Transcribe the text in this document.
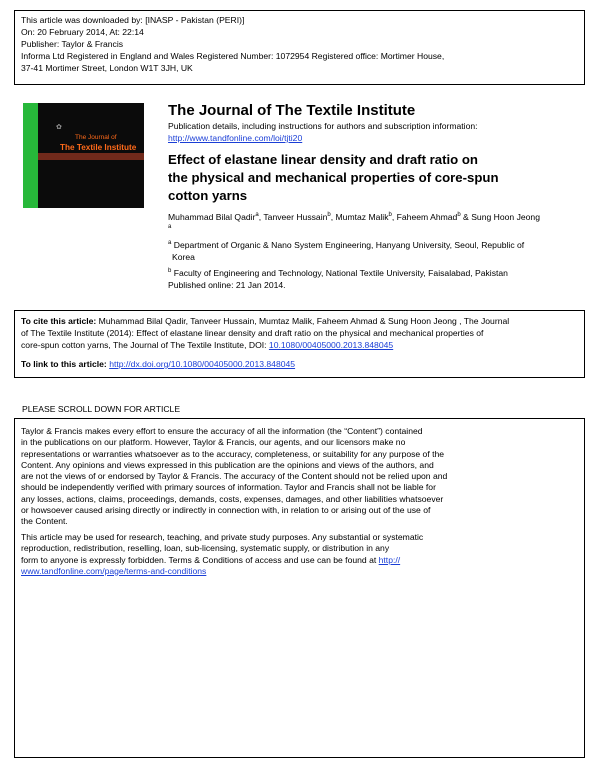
This article was downloaded by: [INASP - Pakistan (PERI)]
On: 20 February 2014, At: 22:14
Publisher: Taylor & Francis
Informa Ltd Registered in England and Wales Registered Number: 1072954 Registered office: Mortimer House,
37-41 Mortimer Street, London W1T 3JH, UK
✿
The Journal of
The Textile Institute
The Journal of The Textile Institute
Publication details, including instructions for authors and subscription information:
http://www.tandfonline.com/loi/tjti20
Effect of elastane linear density and draft ratio on
the physical and mechanical properties of core-spun
cotton yarns
Muhammad Bilal Qadir$^a$, Tanveer Hussain$^b$, Mumtaz Malik$^b$, Faheem Ahmad$^b$ & Sung Hoon Jeong
$^a$
$^a$ Department of Organic & Nano System Engineering, Hanyang University, Seoul, Republic of
Korea
$^b$ Faculty of Engineering and Technology, National Textile University, Faisalabad, Pakistan
Published online: 21 Jan 2014.
To cite this article: Muhammad Bilal Qadir, Tanveer Hussain, Mumtaz Malik, Faheem Ahmad & Sung Hoon Jeong , The Journal
of The Textile Institute (2014): Effect of elastane linear density and draft ratio on the physical and mechanical properties of
core-spun cotton yarns, The Journal of The Textile Institute, DOI: 10.1080/00405000.2013.848045
To link to this article: http://dx.doi.org/10.1080/00405000.2013.848045
PLEASE SCROLL DOWN FOR ARTICLE
Taylor & Francis makes every effort to ensure the accuracy of all the information (the “Content”) contained
in the publications on our platform. However, Taylor & Francis, our agents, and our licensors make no
representations or warranties whatsoever as to the accuracy, completeness, or suitability for any purpose of the
Content. Any opinions and views expressed in this publication are the opinions and views of the authors, and
are not the views of or endorsed by Taylor & Francis. The accuracy of the Content should not be relied upon and
should be independently verified with primary sources of information. Taylor and Francis shall not be liable for
any losses, actions, claims, proceedings, demands, costs, expenses, damages, and other liabilities whatsoever
or howsoever caused arising directly or indirectly in connection with, in relation to or arising out of the use of
the Content.
This article may be used for research, teaching, and private study purposes. Any substantial or systematic
reproduction, redistribution, reselling, loan, sub-licensing, systematic supply, or distribution in any
form to anyone is expressly forbidden. Terms & Conditions of access and use can be found at http://
www.tandfonline.com/page/terms-and-conditions
